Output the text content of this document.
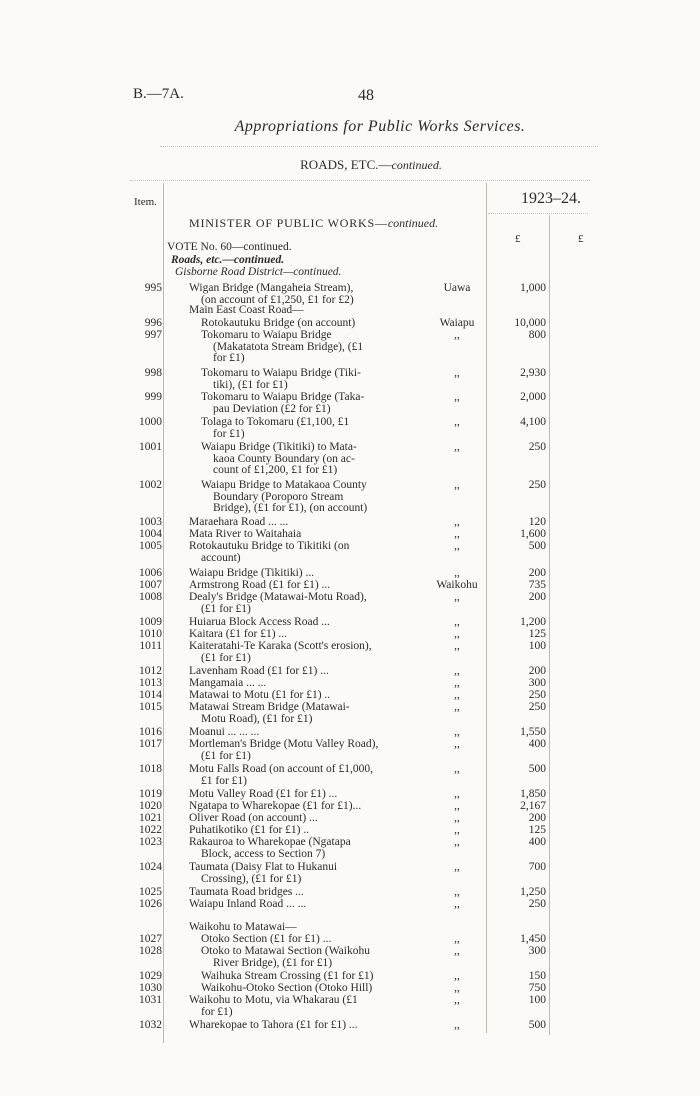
B.—7A.	48
Appropriations for Public Works Services.
ROADS, ETC.—continued.
Item.	1923–24.
£	£
MINISTER OF PUBLIC WORKS—continued.
VOTE No. 60—continued.
Roads, etc.—continued.
Gisborne Road District—continued.
Main East Coast Road—
Waikohu to Matawai—
995 Wigan Bridge (Mangaheia Stream),
(on account of £1,250, £1 for £2)
Uawa	1,000
996	Rotokautuku Bridge (on account)	Waiapu	10,000
997	Tokomaru to Waiapu Bridge
(Makatatota Stream Bridge), (£1
for £1)
,,	800
998	Tokomaru to Waiapu Bridge (Tiki-
tiki), (£1 for £1)
,,	2,930
999	Tokomaru to Waiapu Bridge (Taka-
pau Deviation (£2 for £1)
,,	2,000
1000	Tolaga to Tokomaru (£1,100, £1
for £1)
,,	4,100
1001	Waiapu Bridge (Tikitiki) to Mata-
kaoa County Boundary (on ac-
count of £1,200, £1 for £1)
,,	250
1002	Waiapu Bridge to Matakaoa County
Boundary (Poroporo Stream
Bridge), (£1 for £1), (on account)
,,	250
1003 Maraehara Road ... ...	,,	120
1004 Mata River to Waitahaia	,,	1,600
1005 Rotokautuku Bridge to Tikitiki (on
account)
,,	500
1006 Waiapu Bridge (Tikitiki) ...	,,	200
1007 Armstrong Road (£1 for £1) ...	Waikohu	735
1008 Dealy's Bridge (Matawai-Motu Road),
(£1 for £1)
,,	200
1009 Huiarua Block Access Road ...	,,	1,200
1010 Kaitara (£1 for £1) ...	,,	125
1011 Kaiteratahi-Te Karaka (Scott's erosion),
(£1 for £1)
,,	100
1012 Lavenham Road (£1 for £1) ...	,,	200
1013 Mangamaia ... ...	,,	300
1014 Matawai to Motu (£1 for £1) ..	,,	250
1015 Matawai Stream Bridge (Matawai-
Motu Road), (£1 for £1)
,,	250
1016 Moanui ... ... ...	,,	1,550
1017 Mortleman's Bridge (Motu Valley Road),
(£1 for £1)
,,	400
1018 Motu Falls Road (on account of £1,000,
£1 for £1)
,,	500
1019 Motu Valley Road (£1 for £1) ...	,,	1,850
1020 Ngatapa to Wharekopae (£1 for £1)...	,,	2,167
1021 Oliver Road (on account) ...	,,	200
1022 Puhatikotiko (£1 for £1) ..	,,	125
1023 Rakauroa to Wharekopae (Ngatapa
Block, access to Section 7)
,,	400
1024 Taumata (Daisy Flat to Hukanui
Crossing), (£1 for £1)
,,	700
1025 Taumata Road bridges ...	,,	1,250
1026 Waiapu Inland Road ... ...	,,	250
1027	Otoko Section (£1 for £1) ...	,,	1,450
1028	Otoko to Matawai Section (Waikohu
River Bridge), (£1 for £1)
,,	300
1029	Waihuka Stream Crossing (£1 for £1)	,,	150
1030	Waikohu-Otoko Section (Otoko Hill)	,,	750
1031 Waikohu to Motu, via Whakarau (£1
for £1)
,,	100
1032 Wharekopae to Tahora (£1 for £1) ...	,,	500
